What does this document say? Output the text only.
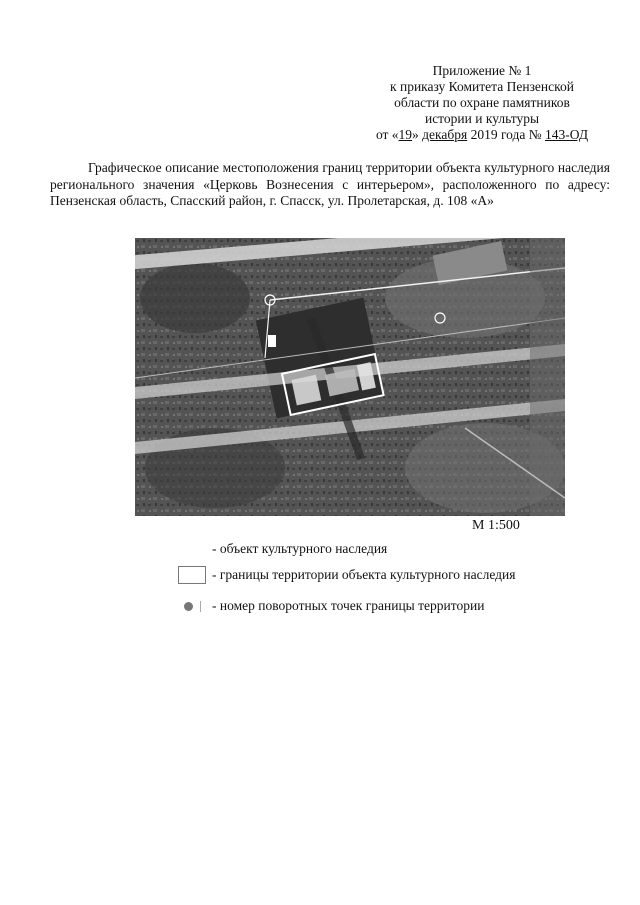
Приложение № 1
к приказу Комитета Пензенской
области по охране памятников
истории и культуры
от «19» декабря 2019 года № 143-ОД
Графическое описание местоположения границ территории объекта культурного наследия регионального значения «Церковь Вознесения с интерьером», расположенного по адресу: Пензенская область, Спасский район, г. Спасск, ул. Пролетарская, д. 108 «А»
М 1:500
- объект культурного наследия
- границы территории объекта культурного наследия
- номер поворотных точек границы территории
